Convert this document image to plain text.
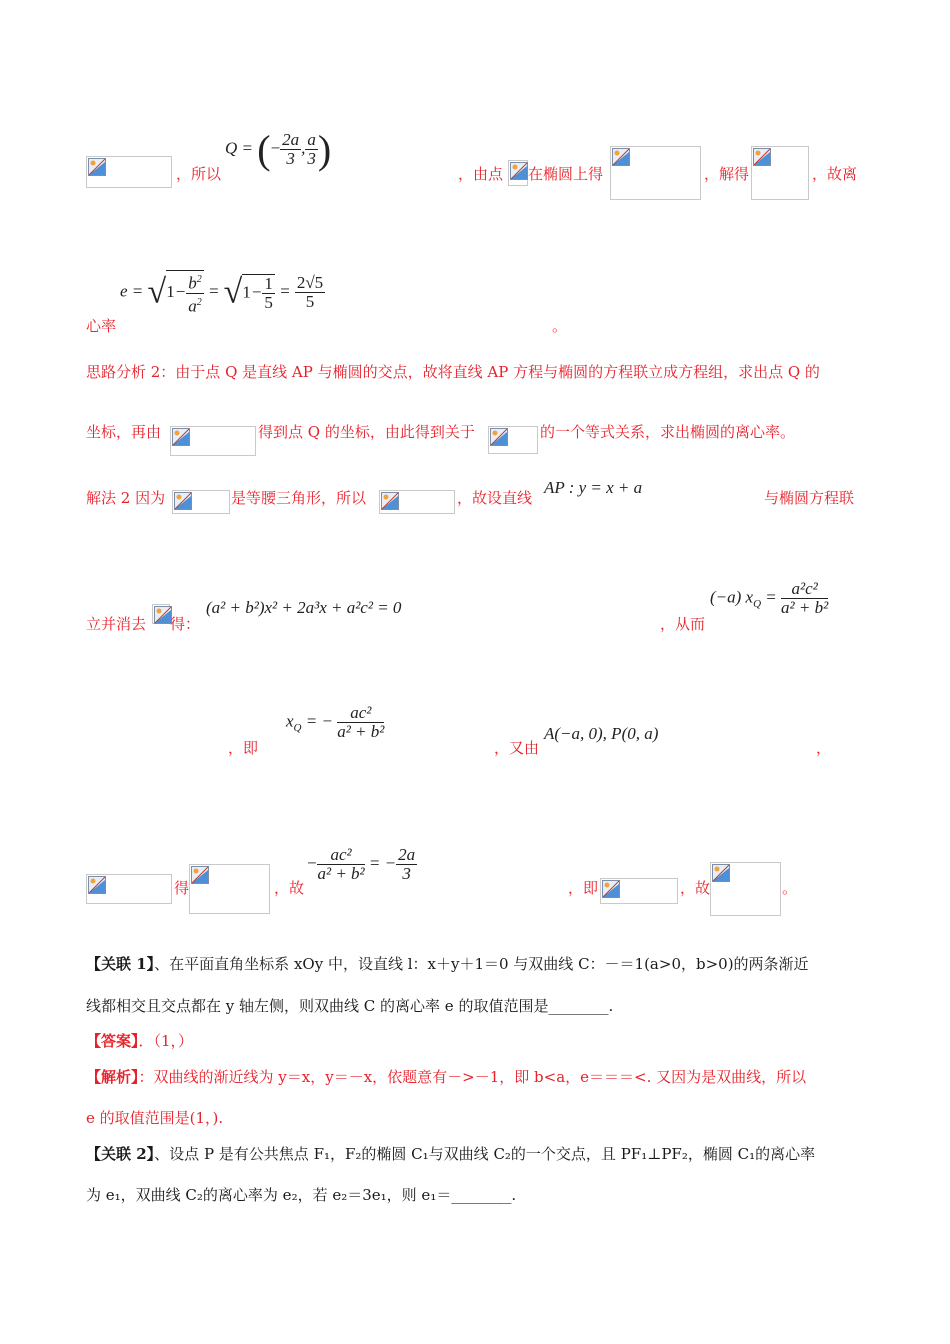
，所以
Q = (− $\frac{2a}{3}$ , $\frac{a}{3}$ )
，由点 在椭圆上得	，解得	，故离
心率
$e = √1- \frac{b^2}{a^2} = √1- \frac{1}{5} = \frac{2√5}{5}$
。
思路分析 2：由于点 Q 是直线 AP 与椭圆的交点，故将直线 AP 方程与椭圆的方程联立成方程组，求出点 Q 的
坐标，再由	得到点 Q 的坐标，由此得到关于	的一个等式关系，求出椭圆的离心率。
解法 2 因为	是等腰三角形，所以	，故设直线
AP : y = x + a
与椭圆方程联
立并消去 得：
(a² + b²)x² + 2a³x + a²c² = 0
，从而
(−a) $x_Q = \frac{\text{a²c²}}{\text{a² + b²}}$
，即
$x_Q$ = − $\frac{\text{ac²}}{\text{a² + b²}}$
，又由
A(−a, 0), P(0, a)
，
得	，故
− $\frac{\text{ac²}}{\text{a² + b²}}$ = − $\frac{2a}{3}$
，即	，故	。
【关联 1】、在平面直角坐标系 xOy 中，设直线 l：x＋y＋1＝0 与双曲线 C：－＝1(a>0，b>0)的两条渐近
线都相交且交点都在 y 轴左侧，则双曲线 C 的离心率 e 的取值范围是________.
【答案】．（1，）
【解析】：双曲线的渐近线为 y＝x，y＝－x，依题意有－>－1，即 b<a，e＝＝＝<. 又因为是双曲线，所以
e 的取值范围是(1，).
【关联 2】、设点 P 是有公共焦点 F₁，F₂的椭圆 C₁与双曲线 C₂的一个交点，且 PF₁⊥PF₂，椭圆 C₁的离心率
为 e₁，双曲线 C₂的离心率为 e₂，若 e₂＝3e₁，则 e₁＝________.
